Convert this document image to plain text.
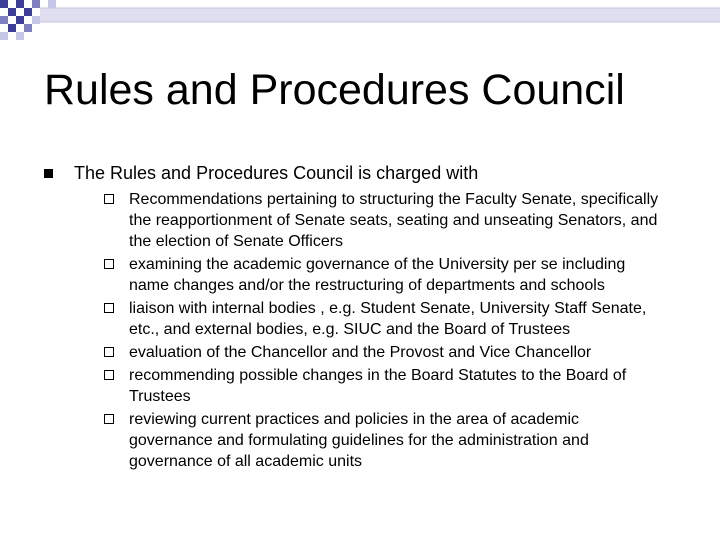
Rules and Procedures Council
The Rules and Procedures Council is charged with
Recommendations pertaining to structuring the Faculty Senate, specifically the reapportionment of Senate seats, seating and unseating Senators, and the election of Senate Officers
examining the academic governance of the University per se including name changes and/or the restructuring of departments and schools
liaison with internal bodies , e.g. Student Senate, University Staff Senate, etc., and external bodies, e.g. SIUC and the Board of Trustees
evaluation of the Chancellor and the Provost and Vice Chancellor
recommending possible changes in the Board Statutes to the Board of Trustees
reviewing current practices and policies in the area of academic governance and formulating guidelines for the administration and governance of all academic units
